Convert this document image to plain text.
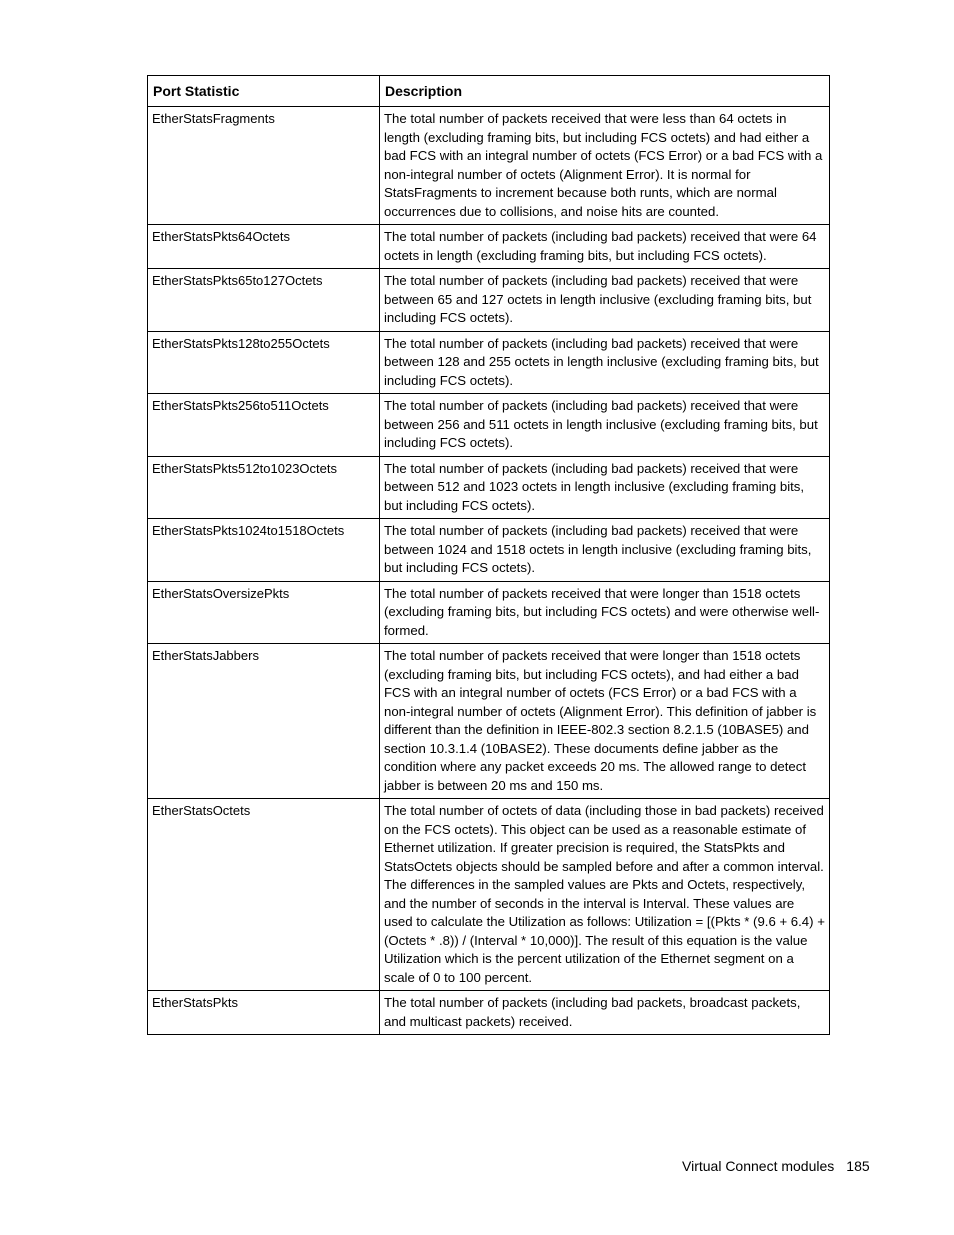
Port Statistic	Description
EtherStatsFragments	The total number of packets received that were less than 64 octets in length (excluding framing bits, but including FCS octets) and had either a bad FCS with an integral number of octets (FCS Error) or a bad FCS with a non-integral number of octets (Alignment Error). It is normal for StatsFragments to increment because both runts, which are normal occurrences due to collisions, and noise hits are counted.
EtherStatsPkts64Octets	The total number of packets (including bad packets) received that were 64 octets in length (excluding framing bits, but including FCS octets).
EtherStatsPkts65to127Octets	The total number of packets (including bad packets) received that were between 65 and 127 octets in length inclusive (excluding framing bits, but including FCS octets).
EtherStatsPkts128to255Octets	The total number of packets (including bad packets) received that were between 128 and 255 octets in length inclusive (excluding framing bits, but including FCS octets).
EtherStatsPkts256to511Octets	The total number of packets (including bad packets) received that were between 256 and 511 octets in length inclusive (excluding framing bits, but including FCS octets).
EtherStatsPkts512to1023Octets	The total number of packets (including bad packets) received that were between 512 and 1023 octets in length inclusive (excluding framing bits, but including FCS octets).
EtherStatsPkts1024to1518Octets	The total number of packets (including bad packets) received that were between 1024 and 1518 octets in length inclusive (excluding framing bits, but including FCS octets).
EtherStatsOversizePkts	The total number of packets received that were longer than 1518 octets (excluding framing bits, but including FCS octets) and were otherwise well-formed.
EtherStatsJabbers	The total number of packets received that were longer than 1518 octets (excluding framing bits, but including FCS octets), and had either a bad FCS with an integral number of octets (FCS Error) or a bad FCS with a non-integral number of octets (Alignment Error). This definition of jabber is different than the definition in IEEE-802.3 section 8.2.1.5 (10BASE5) and section 10.3.1.4 (10BASE2). These documents define jabber as the condition where any packet exceeds 20 ms. The allowed range to detect jabber is between 20 ms and 150 ms.
EtherStatsOctets	The total number of octets of data (including those in bad packets) received on the FCS octets). This object can be used as a reasonable estimate of Ethernet utilization. If greater precision is required, the StatsPkts and StatsOctets objects should be sampled before and after a common interval. The differences in the sampled values are Pkts and Octets, respectively, and the number of seconds in the interval is Interval. These values are used to calculate the Utilization as follows: Utilization = [(Pkts * (9.6 + 6.4) + (Octets * .8)) / (Interval * 10,000)]. The result of this equation is the value Utilization which is the percent utilization of the Ethernet segment on a scale of 0 to 100 percent.
EtherStatsPkts	The total number of packets (including bad packets, broadcast packets, and multicast packets) received.
Virtual Connect modules 185
